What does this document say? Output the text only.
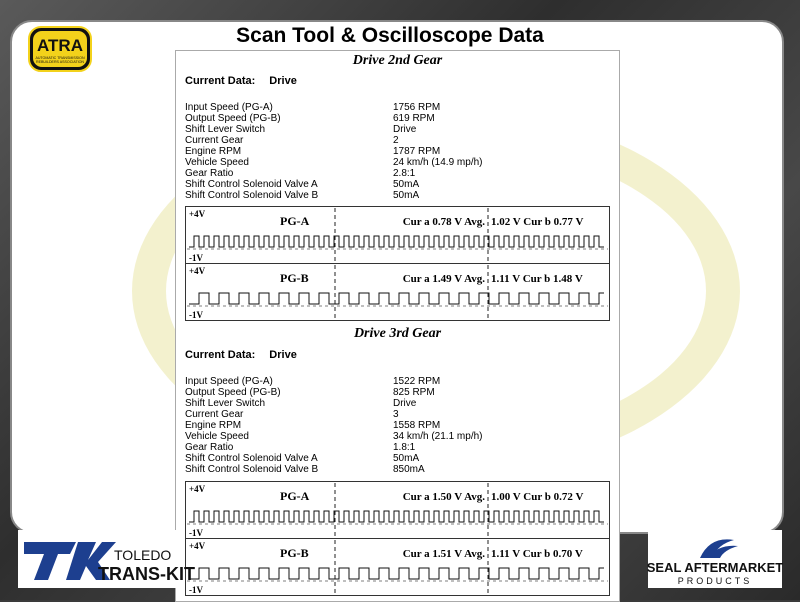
ATRA
AUTOMATIC TRANSMISSION
REBUILDERS ASSOCIATION
Scan Tool & Oscilloscope Data
Drive 2nd Gear
Current Data: Drive
Input Speed (PG-A)	1756 RPM
Output Speed (PG-B)	619 RPM
Shift Lever Switch	Drive
Current Gear	2
Engine RPM	1787 RPM
Vehicle Speed	24 km/h (14.9 mp/h)
Gear Ratio	2.8:1
Shift Control Solenoid Valve A	50mA
Shift Control Solenoid Valve B	50mA
+4V
-1V
PG-A	Cur a 0.78 V Avg. 1.02 V Cur b 0.77 V
+4V
-1V
PG-B	Cur a 1.49 V Avg. 1.11 V Cur b 1.48 V
Drive 3rd Gear
Current Data: Drive
Input Speed (PG-A)	1522 RPM
Output Speed (PG-B)	825 RPM
Shift Lever Switch	Drive
Current Gear	3
Engine RPM	1558 RPM
Vehicle Speed	34 km/h (21.1 mp/h)
Gear Ratio	1.8:1
Shift Control Solenoid Valve A	50mA
Shift Control Solenoid Valve B	850mA
+4V
-1V
PG-A	Cur a 1.50 V Avg. 1.00 V Cur b 0.72 V
+4V
-1V
PG-B	Cur a 1.51 V Avg. 1.11 V Cur b 0.70 V
TOLEDO
TRANS-KIT	SEAL AFTERMARKET
PRODUCTS
